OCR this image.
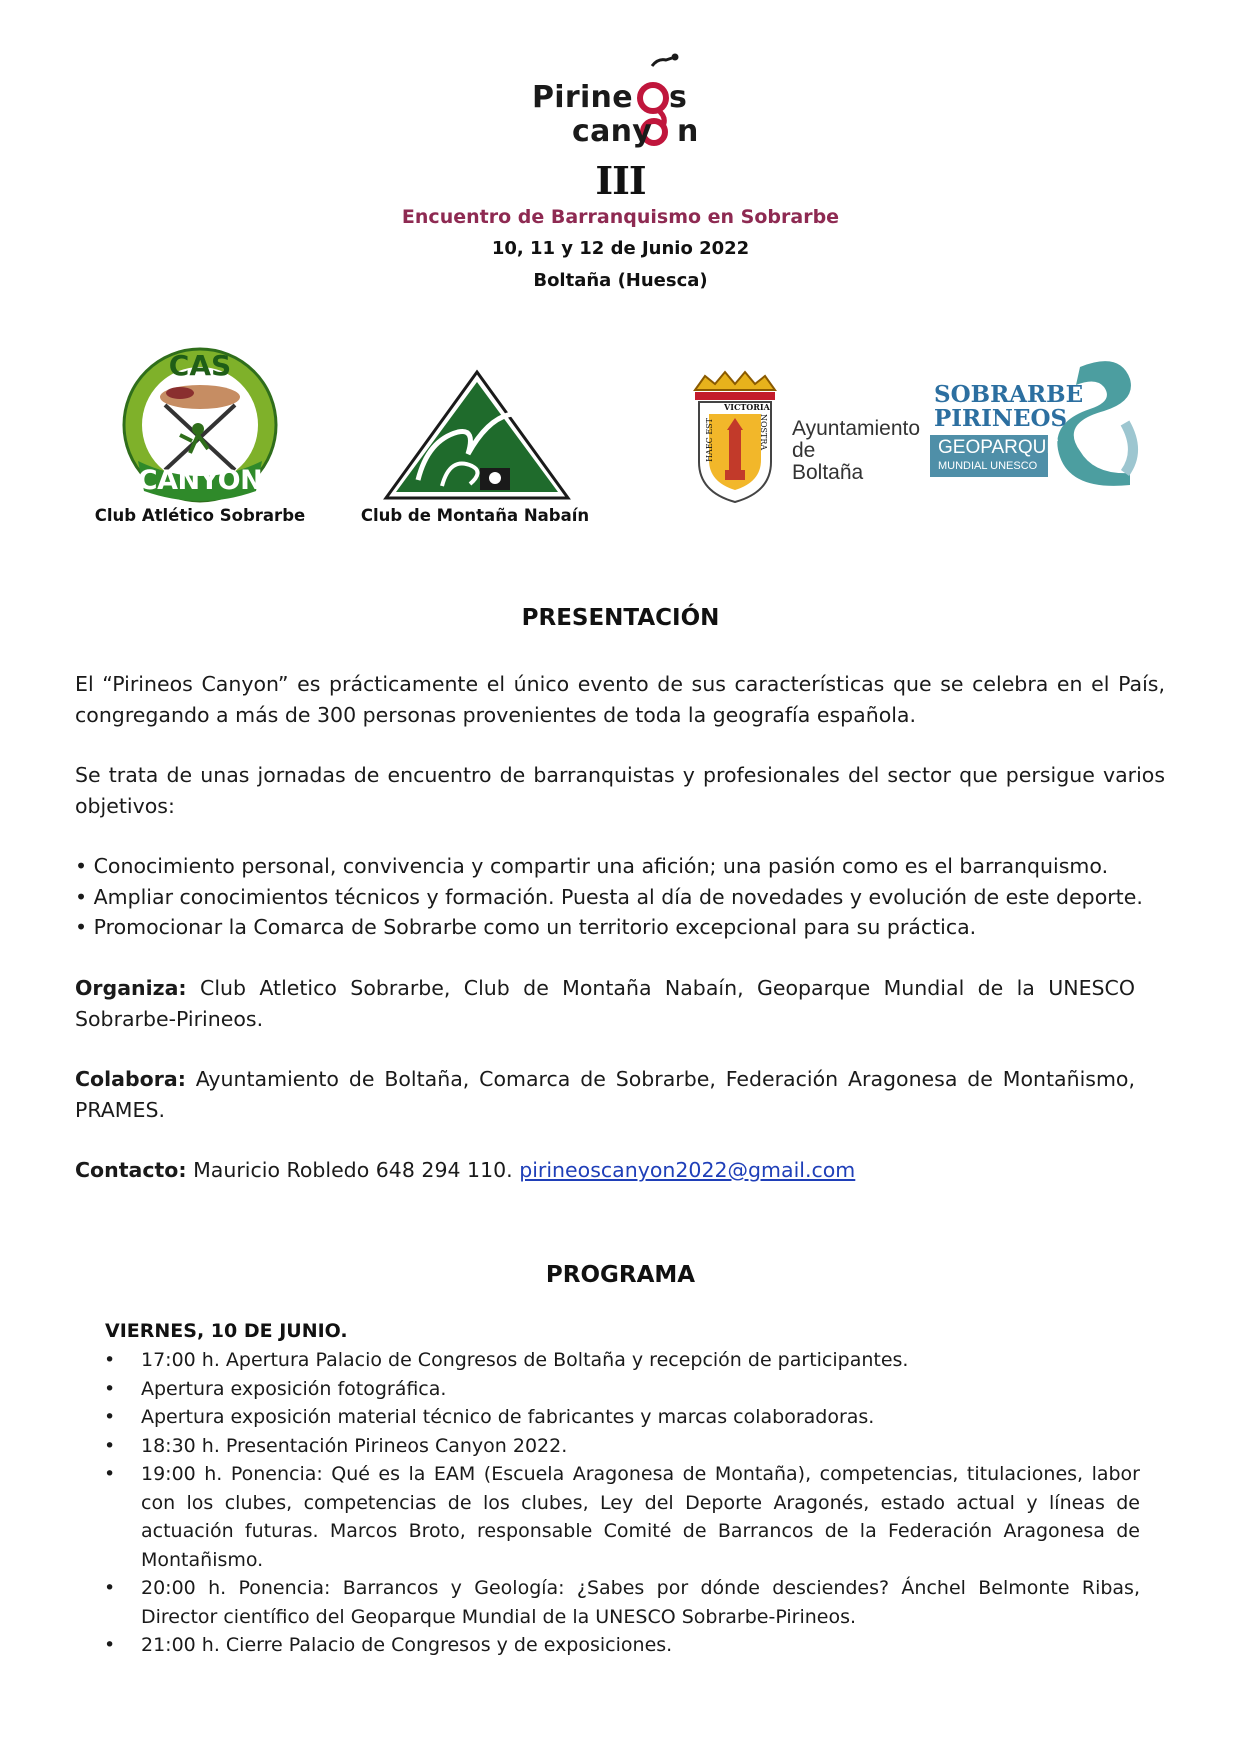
Pirine s
cany n
III
Encuentro de Barranquismo en Sobrarbe
10, 11 y 12 de Junio 2022
Boltaña (Huesca)
CAS
CANYON
Club Atlético Sobrarbe	Club de Montaña Nabaín
VICTORIA
HAEC EST	NOSTRA Ayuntamiento
de
Boltaña
SOBRARBE
PIRINEOS
GEOPARQUE
MUNDIAL UNESCO
PRESENTACIÓN
El “Pirineos Canyon” es prácticamente el único evento de sus características que se celebra en el País, congregando a más de 300 personas provenientes de toda la geografía española.
Se trata de unas jornadas de encuentro de barranquistas y profesionales del sector que persigue varios objetivos:
• Conocimiento personal, convivencia y compartir una afición; una pasión como es el barranquismo.
• Ampliar conocimientos técnicos y formación. Puesta al día de novedades y evolución de este deporte.
• Promocionar la Comarca de Sobrarbe como un territorio excepcional para su práctica.
Organiza: Club Atletico Sobrarbe, Club de Montaña Nabaín, Geoparque Mundial de la UNESCO Sobrarbe-Pirineos.
Colabora: Ayuntamiento de Boltaña, Comarca de Sobrarbe, Federación Aragonesa de Montañismo, PRAMES.
Contacto: Mauricio Robledo 648 294 110. pirineoscanyon2022@gmail.com
PROGRAMA
VIERNES, 10 DE JUNIO.
• 17:00 h. Apertura Palacio de Congresos de Boltaña y recepción de participantes.
• Apertura exposición fotográfica.
• Apertura exposición material técnico de fabricantes y marcas colaboradoras.
• 18:30 h. Presentación Pirineos Canyon 2022.
• 19:00 h. Ponencia: Qué es la EAM (Escuela Aragonesa de Montaña), competencias, titulaciones, labor con los clubes, competencias de los clubes, Ley del Deporte Aragonés, estado actual y líneas de actuación futuras. Marcos Broto, responsable Comité de Barrancos de la Federación Aragonesa de Montañismo.
• 20:00 h. Ponencia: Barrancos y Geología: ¿Sabes por dónde desciendes? Ánchel Belmonte Ribas, Director científico del Geoparque Mundial de la UNESCO Sobrarbe-Pirineos.
• 21:00 h. Cierre Palacio de Congresos y de exposiciones.
